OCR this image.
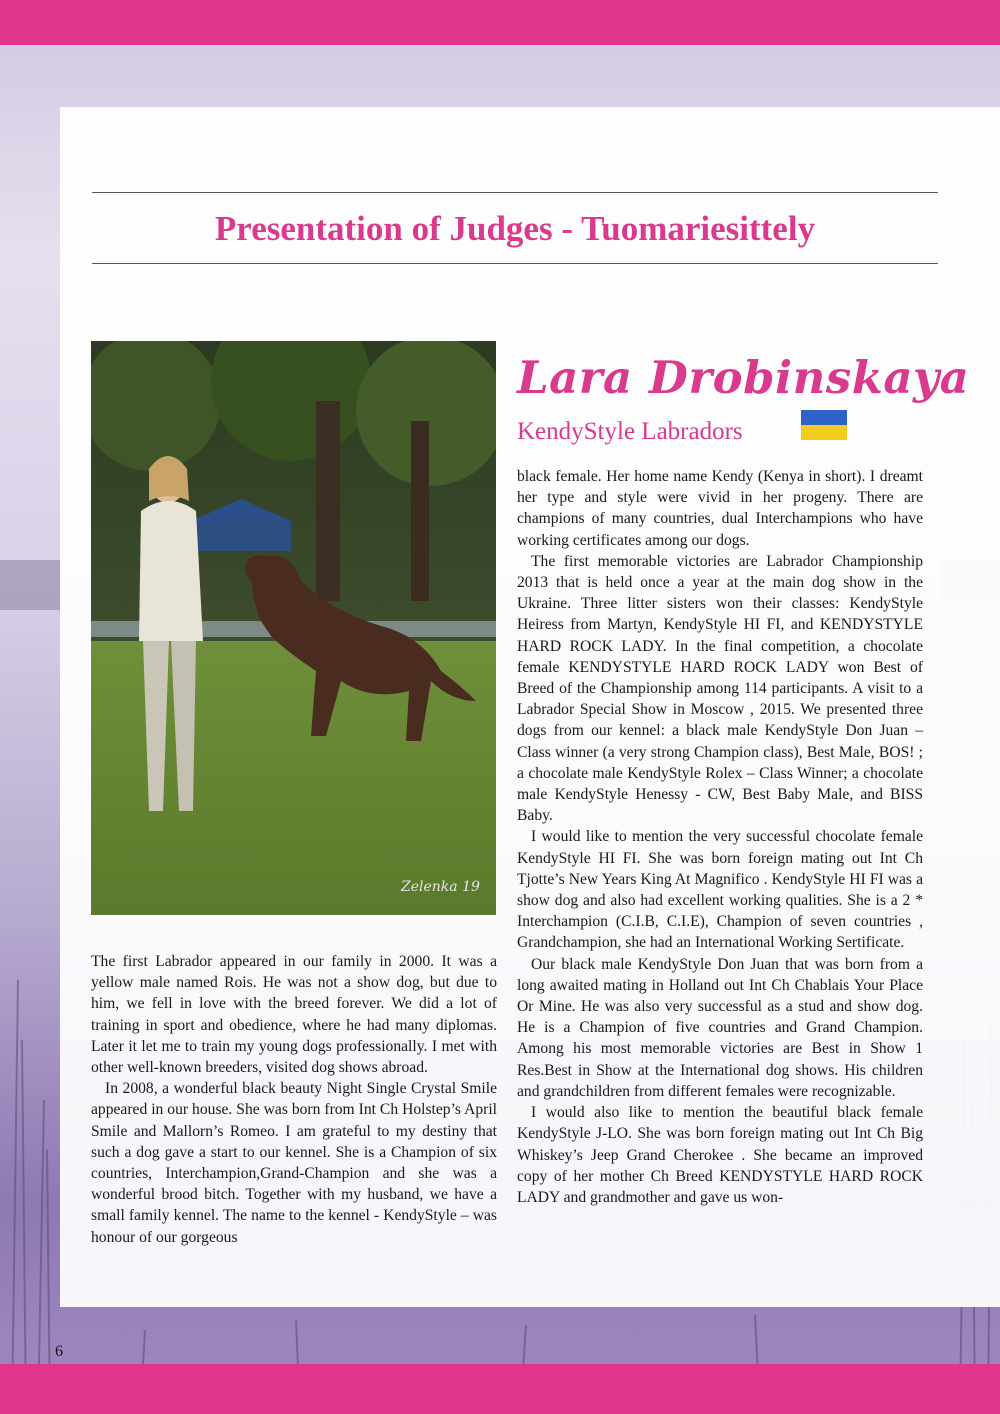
Presentation of Judges - Tuomariesittely
Zelenka 19
Lara Drobinskaya
KendyStyle Labradors

The first Labrador appeared in our family in 2000. It was a yellow male named Rois. He was not a show dog, but due to him, we fell in love with the breed forever. We did a lot of training in sport and obedience, where he had many diplomas. Later it let me to train my young dogs professionally. I met with other well-known breeders, visited dog shows abroad.

In 2008, a wonderful black beauty Night Single Crystal Smile appeared in our house. She was born from Int Ch Holstep’s April Smile and Mallorn’s Romeo. I am grateful to my destiny that such a dog gave a start to our kennel. She is a Champion of six countries, Interchampion,Grand-Champion and she was a wonderful brood bitch. Together with my husband, we have a small family kennel. The name to the kennel - KendyStyle – was honour of our gorgeous

black female. Her home name Kendy (Kenya in short). I dreamt her type and style were vivid in her progeny. There are champions of many countries, dual Interchampions who have working certificates among our dogs.

The first memorable victories are Labrador Championship 2013 that is held once a year at the main dog show in the Ukraine. Three litter sisters won their classes: KendyStyle Heiress from Martyn, KendyStyle HI FI, and KENDYSTYLE HARD ROCK LADY. In the final competition, a chocolate female KENDYSTYLE HARD ROCK LADY won Best of Breed of the Championship among 114 participants. A visit to a Labrador Special Show in Moscow , 2015. We presented three dogs from our kennel: a black male KendyStyle Don Juan – Class winner (a very strong Champion class), Best Male, BOS! ; a chocolate male KendyStyle Rolex – Class Winner; a chocolate male KendyStyle Henessy - CW, Best Baby Male, and BISS Baby.

I would like to mention the very successful chocolate female KendyStyle HI FI. She was born foreign mating out Int Ch Tjotte’s New Years King At Magnifico . KendyStyle HI FI was a show dog and also had excellent working qualities. She is a 2 * Interchampion (C.I.B, C.I.E), Champion of seven countries , Grandchampion, she had an International Working Sertificate.

Our black male KendyStyle Don Juan that was born from a long awaited mating in Holland out Int Ch Chablais Your Place Or Mine. He was also very successful as a stud and show dog. He is a Champion of five countries and Grand Champion. Among his most memorable victories are Best in Show 1 Res.Best in Show at the International dog shows. His children and grandchildren from different females were recognizable.

I would also like to mention the beautiful black female KendyStyle J-LO. She was born foreign mating out Int Ch Big Whiskey’s Jeep Grand Cherokee . She became an improved copy of her mother Ch Breed KENDYSTYLE HARD ROCK LADY and grandmother and gave us won-

6
